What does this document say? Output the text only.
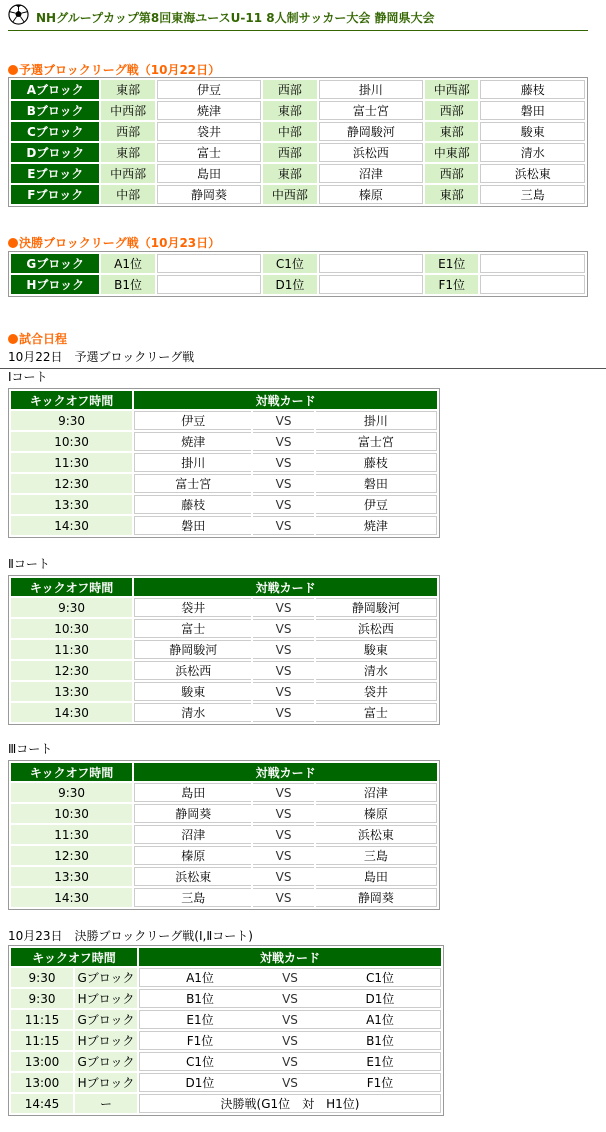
NHグループカップ第8回東海ユースU-11 8人制サッカー大会 静岡県大会
予選ブロックリーグ戦（10月22日）
Aブロック	東部	伊豆	西部	掛川	中西部	藤枝
Bブロック	中西部	焼津	東部	富士宮	西部	磐田
Cブロック	西部	袋井	中部	静岡駿河	東部	駿東
Dブロック	東部	富士	西部	浜松西	中東部	清水
Eブロック	中西部	島田	東部	沼津	西部	浜松東
Fブロック	中部	静岡葵	中西部	榛原	東部	三島
決勝ブロックリーグ戦（10月23日）
Gブロック	A1位		C1位		E1位	
Hブロック	B1位		D1位		F1位	
試合日程
10月22日　予選ブロックリーグ戦
Ⅰコート
キックオフ時間	対戦カード		
9:30	伊豆	VS	掛川
10:30	焼津	VS	富士宮
11:30	掛川	VS	藤枝
12:30	富士宮	VS	磐田
13:30	藤枝	VS	伊豆
14:30	磐田	VS	焼津
Ⅱコート
キックオフ時間	対戦カード		
9:30	袋井	VS	静岡駿河
10:30	富士	VS	浜松西
11:30	静岡駿河	VS	駿東
12:30	浜松西	VS	清水
13:30	駿東	VS	袋井
14:30	清水	VS	富士
Ⅲコート
キックオフ時間	対戦カード		
9:30	島田	VS	沼津
10:30	静岡葵	VS	榛原
11:30	沼津	VS	浜松東
12:30	榛原	VS	三島
13:30	浜松東	VS	島田
14:30	三島	VS	静岡葵
10月23日　決勝ブロックリーグ戦(Ⅰ,Ⅱコート)
キックオフ時間		対戦カード
9:30	Gブロック	A1位 VS C1位
9:30	Hブロック	B1位 VS D1位
11:15	Gブロック	E1位 VS A1位
11:15	Hブロック	F1位 VS B1位
13:00	Gブロック	C1位 VS E1位
13:00	Hブロック	D1位 VS F1位
14:45	ー	決勝戦(G1位　対　H1位)
